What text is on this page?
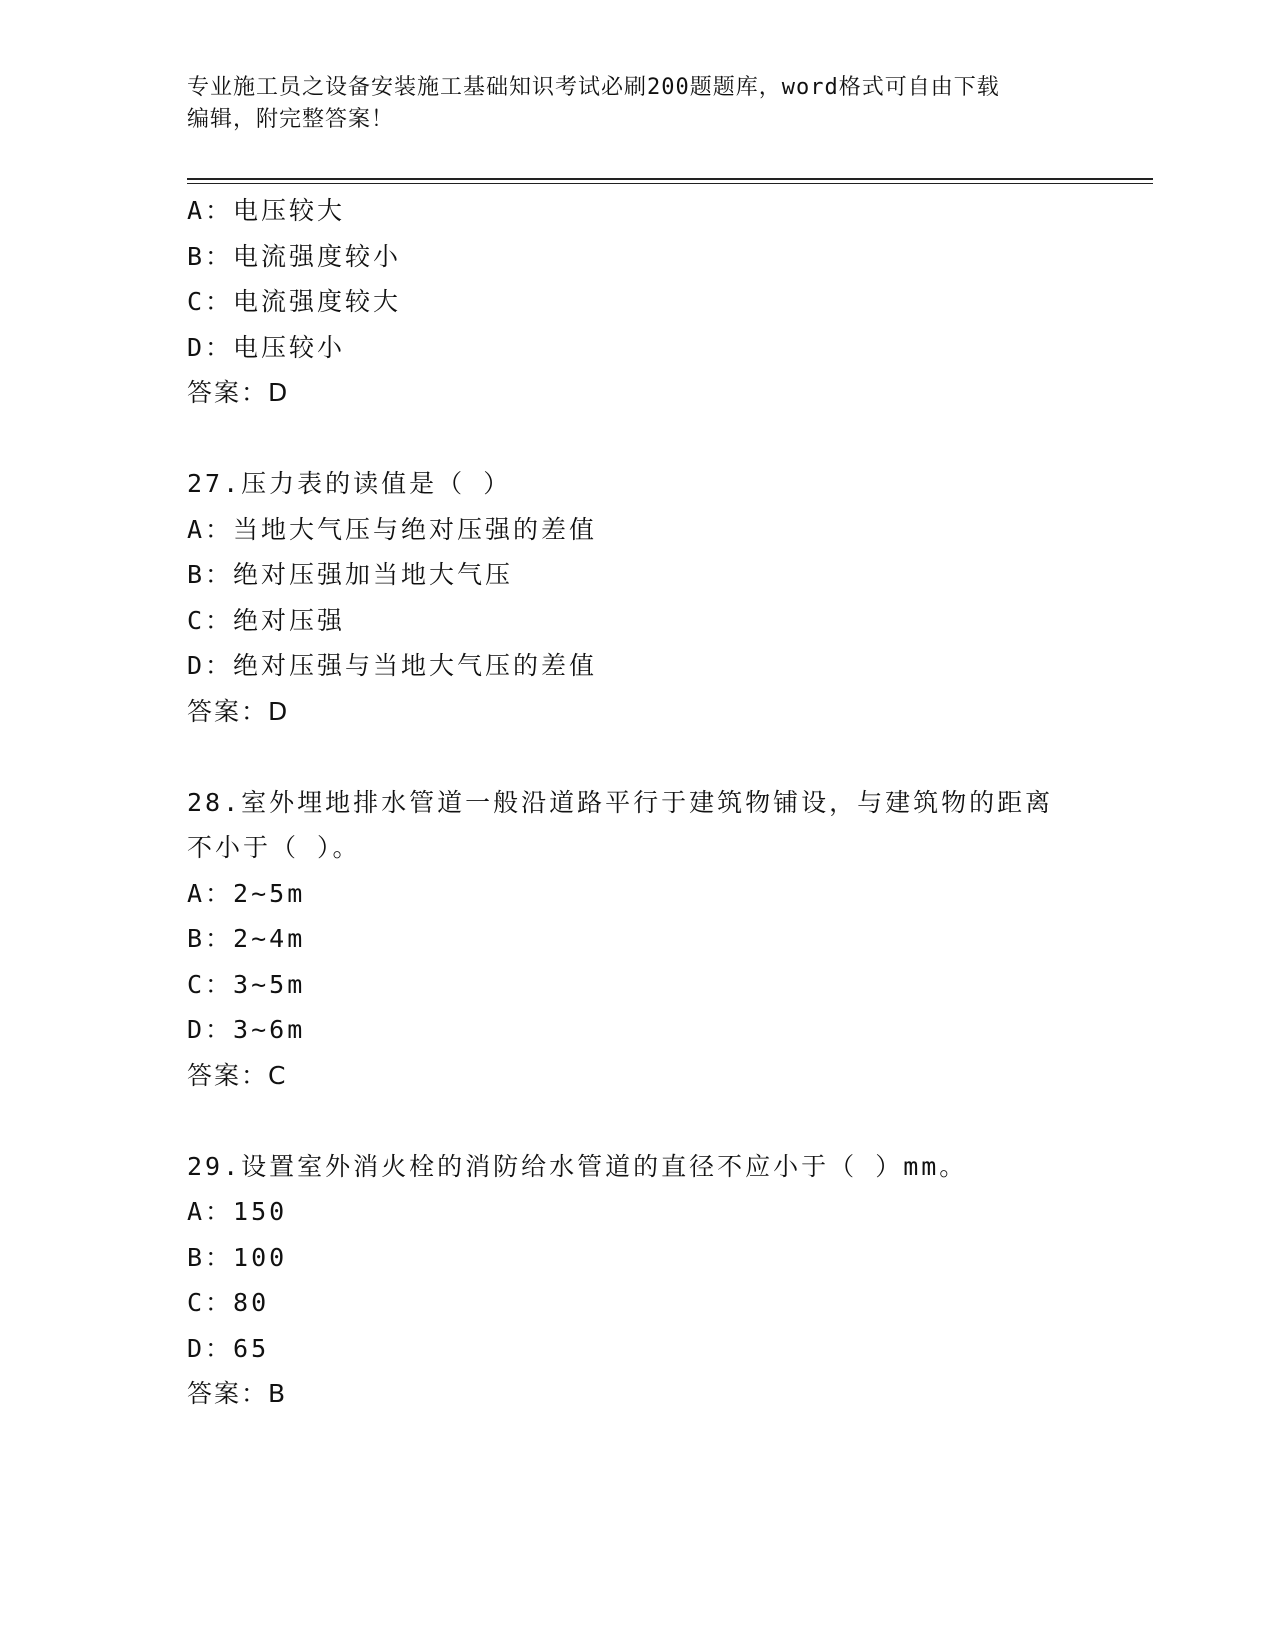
专业施工员之设备安装施工基础知识考试必刷200题题库，word格式可自由下载
编辑，附完整答案！
A：电压较大
B：电流强度较小
C：电流强度较大
D：电压较小
答案：D
27.压力表的读值是（ ）
A：当地大气压与绝对压强的差值
B：绝对压强加当地大气压
C：绝对压强
D：绝对压强与当地大气压的差值
答案：D
28.室外埋地排水管道一般沿道路平行于建筑物铺设，与建筑物的距离
不小于（ ）。
A：2~5m
B：2~4m
C：3~5m
D：3~6m
答案：C
29.设置室外消火栓的消防给水管道的直径不应小于（ ）mm。
A：150
B：100
C：80
D：65
答案：B
